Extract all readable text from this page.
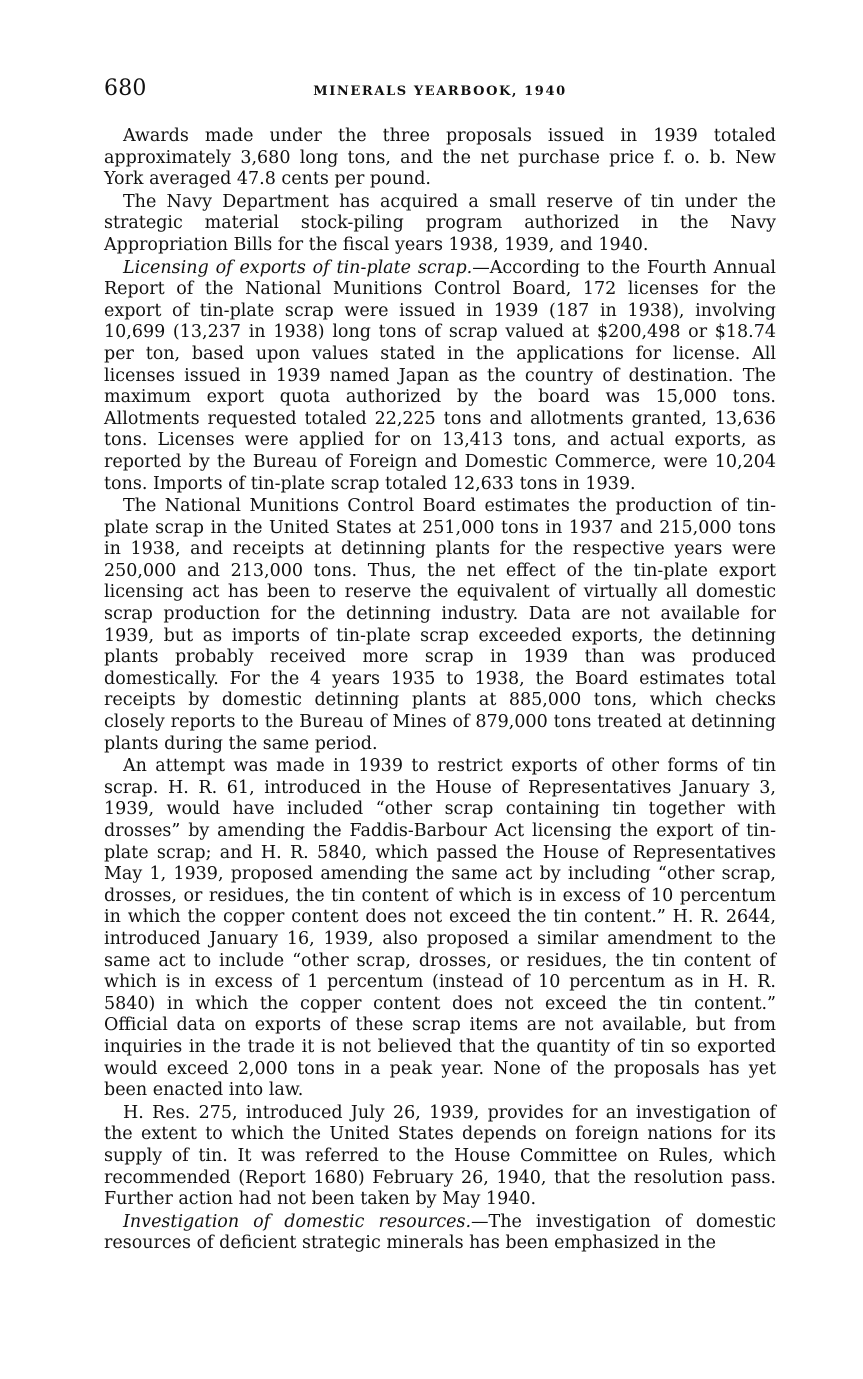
680	MINERALS YEARBOOK, 1940

Awards made under the three proposals issued in 1939 totaled approximately 3,680 long tons, and the net purchase price f. o. b. New York averaged 47.8 cents per pound.

The Navy Department has acquired a small reserve of tin under the strategic material stock-piling program authorized in the Navy Appropriation Bills for the fiscal years 1938, 1939, and 1940.

Licensing of exports of tin-plate scrap.—According to the Fourth Annual Report of the National Munitions Control Board, 172 licenses for the export of tin-plate scrap were issued in 1939 (187 in 1938), involving 10,699 (13,237 in 1938) long tons of scrap valued at $200,498 or $18.74 per ton, based upon values stated in the applications for license. All licenses issued in 1939 named Japan as the country of destination. The maximum export quota authorized by the board was 15,000 tons. Allotments requested totaled 22,225 tons and allotments granted, 13,636 tons. Licenses were applied for on 13,413 tons, and actual exports, as reported by the Bureau of Foreign and Domestic Commerce, were 10,204 tons. Imports of tin-plate scrap totaled 12,633 tons in 1939.

The National Munitions Control Board estimates the production of tin-plate scrap in the United States at 251,000 tons in 1937 and 215,000 tons in 1938, and receipts at detinning plants for the respective years were 250,000 and 213,000 tons. Thus, the net effect of the tin-plate export licensing act has been to reserve the equivalent of virtually all domestic scrap production for the detinning industry. Data are not available for 1939, but as imports of tin-plate scrap exceeded exports, the detinning plants probably received more scrap in 1939 than was produced domestically. For the 4 years 1935 to 1938, the Board estimates total receipts by domestic detinning plants at 885,000 tons, which checks closely reports to the Bureau of Mines of 879,000 tons treated at detinning plants during the same period.

An attempt was made in 1939 to restrict exports of other forms of tin scrap. H. R. 61, introduced in the House of Representatives January 3, 1939, would have included “other scrap containing tin together with drosses” by amending the Faddis-Barbour Act licensing the export of tin-plate scrap; and H. R. 5840, which passed the House of Representatives May 1, 1939, proposed amending the same act by including “other scrap, drosses, or residues, the tin content of which is in excess of 10 percentum in which the copper content does not exceed the tin content.” H. R. 2644, introduced January 16, 1939, also proposed a similar amendment to the same act to include “other scrap, drosses, or residues, the tin content of which is in excess of 1 percentum (instead of 10 percentum as in H. R. 5840) in which the copper content does not exceed the tin content.” Official data on exports of these scrap items are not available, but from inquiries in the trade it is not believed that the quantity of tin so exported would exceed 2,000 tons in a peak year. None of the proposals has yet been enacted into law.

H. Res. 275, introduced July 26, 1939, provides for an investigation of the extent to which the United States depends on foreign nations for its supply of tin. It was referred to the House Committee on Rules, which recommended (Report 1680) February 26, 1940, that the resolution pass. Further action had not been taken by May 1940.

Investigation of domestic resources.—The investigation of domestic resources of deficient strategic minerals has been emphasized in the
